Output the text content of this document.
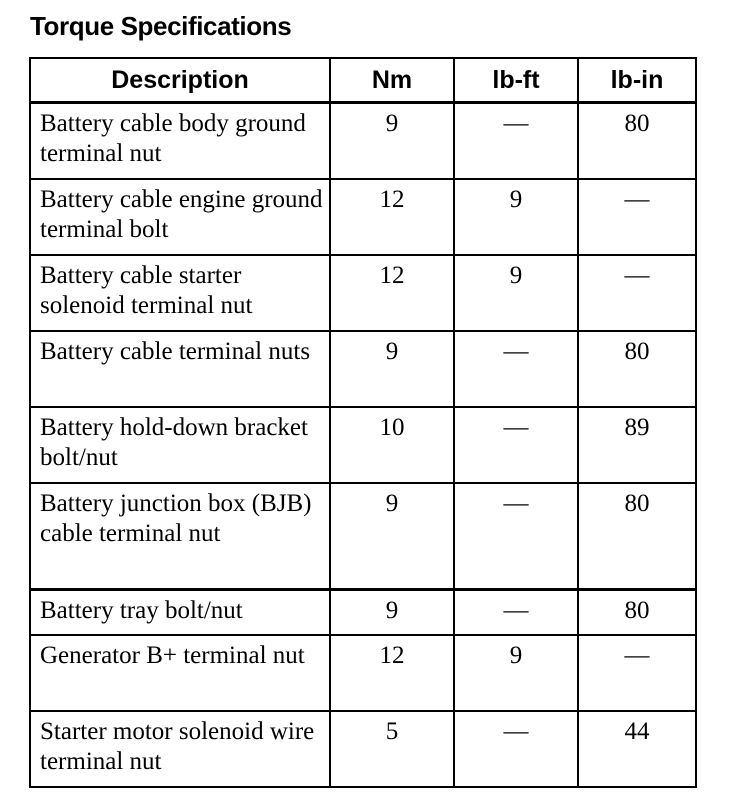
Torque Specifications
Description	Nm	lb-ft	lb-in
Battery cable body ground terminal nut	9	—	80
Battery cable engine ground terminal bolt	12	9	—
Battery cable starter solenoid terminal nut	12	9	—
Battery cable terminal nuts	9	—	80
Battery hold-down bracket bolt/nut	10	—	89
Battery junction box (BJB) cable terminal nut	9	—	80
Battery tray bolt/nut	9	—	80
Generator B+ terminal nut	12	9	—
Starter motor solenoid wire terminal nut	5	—	44
